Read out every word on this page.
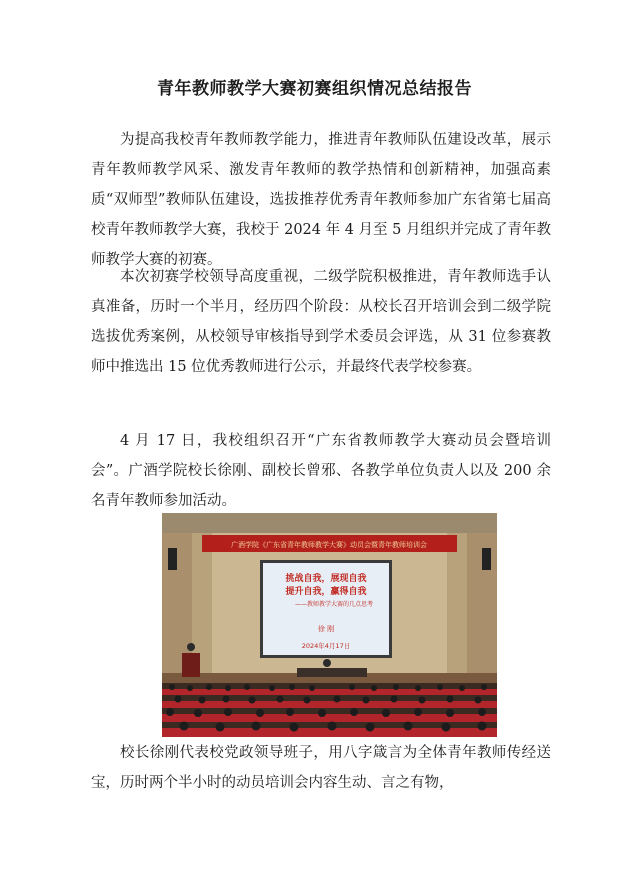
青年教师教学大赛初赛组织情况总结报告

为提高我校青年教师教学能力，推进青年教师队伍建设改革，展示青年教师教学风采、激发青年教师的教学热情和创新精神，加强高素质“双师型”教师队伍建设，选拔推荐优秀青年教师参加广东省第七届高校青年教师教学大赛，我校于 2024 年 4 月至 5 月组织并完成了青年教师教学大赛的初赛。

本次初赛学校领导高度重视，二级学院积极推进，青年教师选手认真准备，历时一个半月，经历四个阶段：从校长召开培训会到二级学院选拔优秀案例，从校领导审核指导到学术委员会评选，从 31 位参赛教师中推选出 15 位优秀教师进行公示，并最终代表学校参赛。

4 月 17 日，我校组织召开“广东省教师教学大赛动员会暨培训会”。广酒学院校长徐刚、副校长曾邪、各教学单位负责人以及 200 余名青年教师参加活动。

广酒学院《广东省青年教师教学大赛》动员会暨青年教师培训会
挑战自我，展现自我
提升自我，赢得自我
——教师教学大赛的几点思考
徐 刚
2024年4月17日

校长徐刚代表校党政领导班子，用八字箴言为全体青年教师传经送宝，历时两个半小时的动员培训会内容生动、言之有物，
